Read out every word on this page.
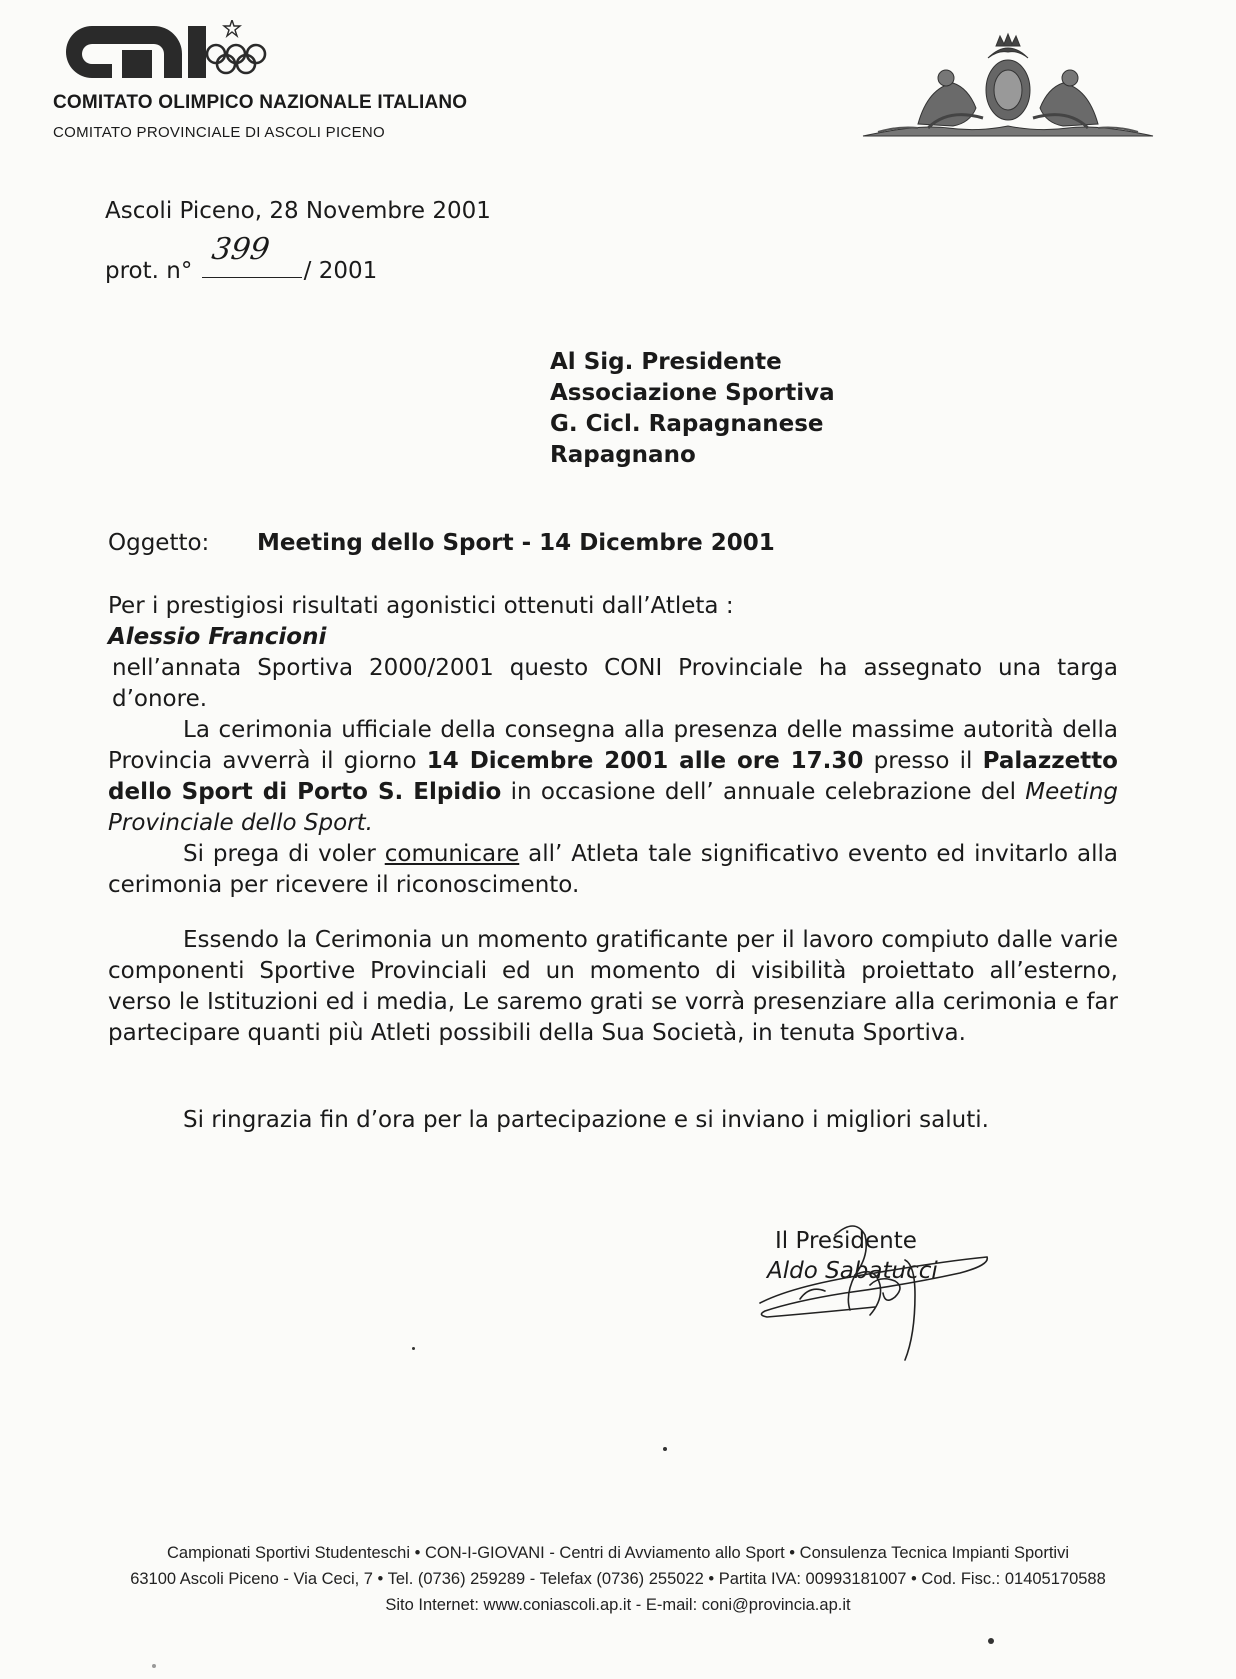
COMITATO OLIMPICO NAZIONALE ITALIANO
COMITATO PROVINCIALE DI ASCOLI PICENO
Ascoli Piceno, 28 Novembre 2001
prot. n°
399
/ 2001
Al Sig. Presidente
Associazione Sportiva
G. Cicl. Rapagnanese
Rapagnano
Oggetto: Meeting dello Sport - 14 Dicembre 2001
Per i prestigiosi risultati agonistici ottenuti dall’Atleta :
Alessio Francioni
nell’annata Sportiva 2000/2001 questo CONI Provinciale ha assegnato una targa d’onore.
La cerimonia ufficiale della consegna alla presenza delle massime autorità della Provincia avverrà il giorno 14 Dicembre 2001 alle ore 17.30 presso il Palazzetto dello Sport di Porto S. Elpidio in occasione dell’ annuale celebrazione del Meeting Provinciale dello Sport.
Si prega di voler comunicare all’ Atleta tale significativo evento ed invitarlo alla cerimonia per ricevere il riconoscimento.
Essendo la Cerimonia un momento gratificante per il lavoro compiuto dalle varie componenti Sportive Provinciali ed un momento di visibilità proiettato all’esterno, verso le Istituzioni ed i media, Le saremo grati se vorrà presenziare alla cerimonia e far partecipare quanti più Atleti possibili della Sua Società, in tenuta Sportiva.
Si ringrazia fin d’ora per la partecipazione e si inviano i migliori saluti.
Il Presidente
Aldo Sabatucci
Campionati Sportivi Studenteschi • CON-I-GIOVANI - Centri di Avviamento allo Sport • Consulenza Tecnica Impianti Sportivi
63100 Ascoli Piceno - Via Ceci, 7 • Tel. (0736) 259289 - Telefax (0736) 255022 • Partita IVA: 00993181007 • Cod. Fisc.: 01405170588
Sito Internet: www.coniascoli.ap.it - E-mail: coni@provincia.ap.it
